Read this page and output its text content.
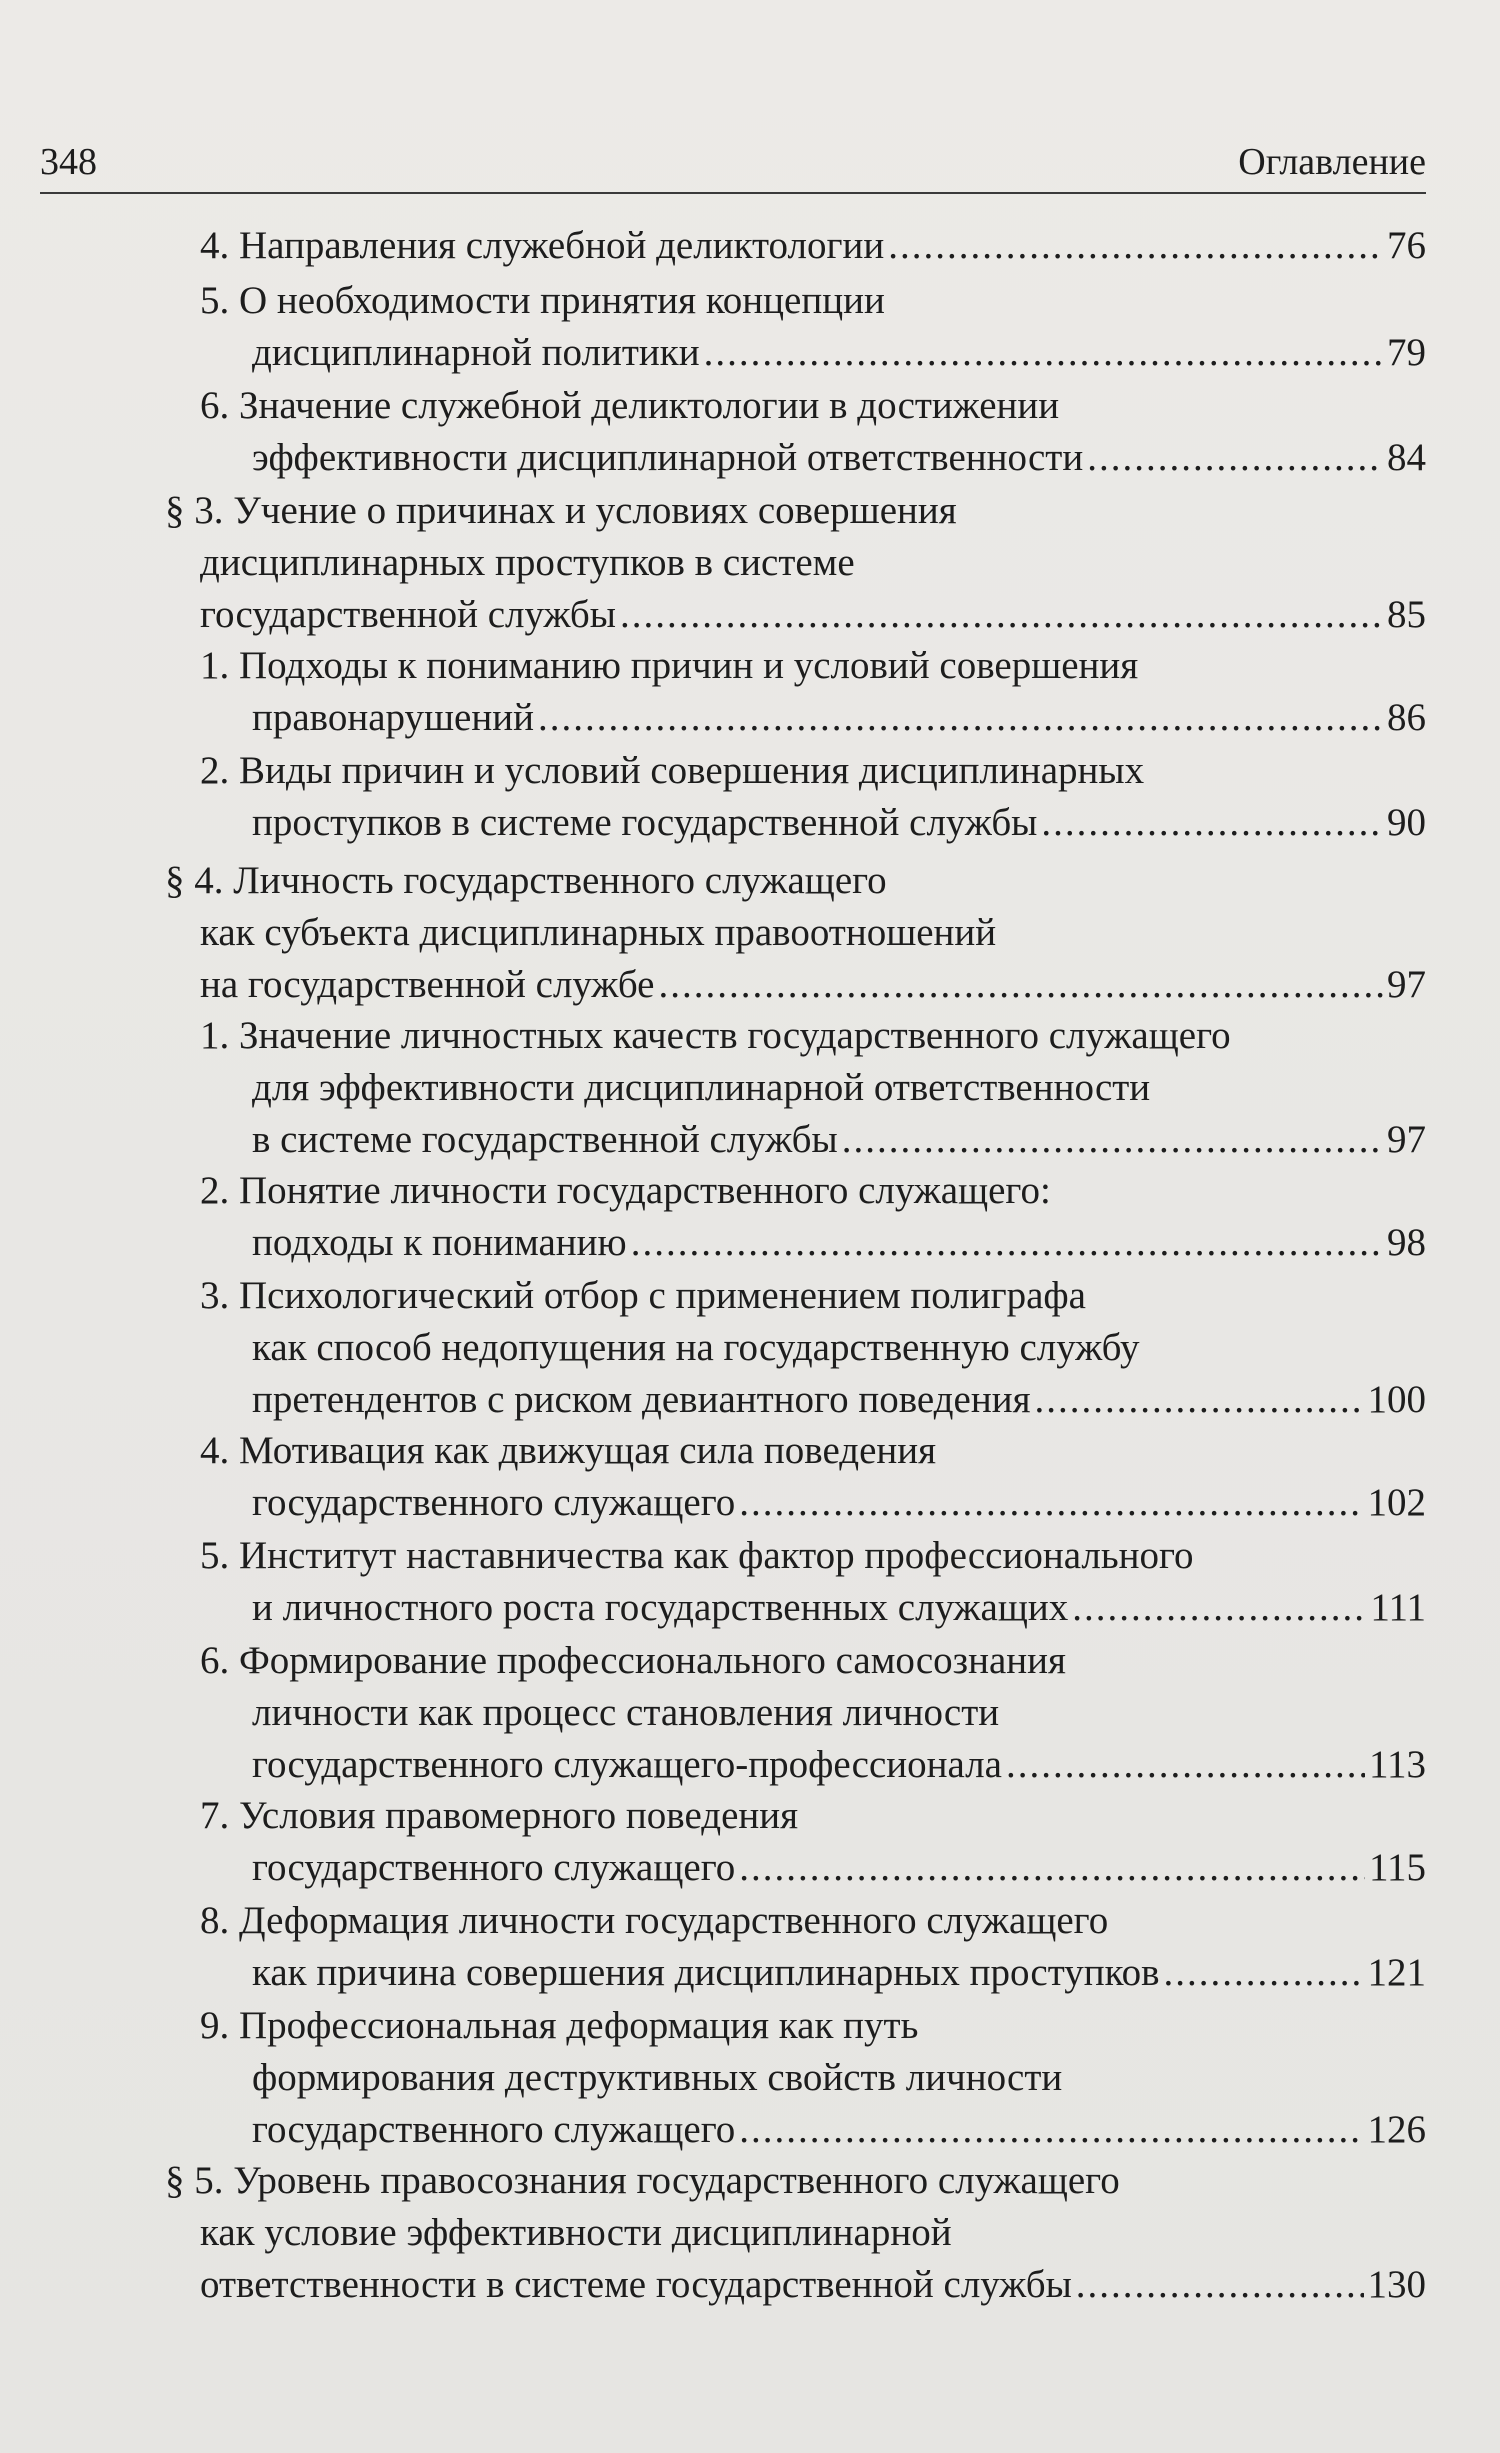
348	Оглавление
4. Направления служебной деликтологии .....	76
5. О необходимости принятия концепции
дисциплинарной политики .....	79
6. Значение служебной деликтологии в достижении
эффективности дисциплинарной ответственности .....	84
§ 3. Учение о причинах и условиях совершения
дисциплинарных проступков в системе
государственной службы .....	85
1. Подходы к пониманию причин и условий совершения
правонарушений .....	86
2. Виды причин и условий совершения дисциплинарных
проступков в системе государственной службы .....	90
§ 4. Личность государственного служащего
как субъекта дисциплинарных правоотношений
на государственной службе .....	97
1. Значение личностных качеств государственного служащего
для эффективности дисциплинарной ответственности
в системе государственной службы .....	97
2. Понятие личности государственного служащего:
подходы к пониманию .....	98
3. Психологический отбор с применением полиграфа
как способ недопущения на государственную службу
претендентов с риском девиантного поведения .....	100
4. Мотивация как движущая сила поведения
государственного служащего .....	102
5. Институт наставничества как фактор профессионального
и личностного роста государственных служащих .....	111
6. Формирование профессионального самосознания
личности как процесс становления личности
государственного служащего-профессионала .....	113
7. Условия правомерного поведения
государственного служащего .....	115
8. Деформация личности государственного служащего
как причина совершения дисциплинарных проступков .....	121
9. Профессиональная деформация как путь
формирования деструктивных свойств личности
государственного служащего .....	126
§ 5. Уровень правосознания государственного служащего
как условие эффективности дисциплинарной
ответственности в системе государственной службы .....	130
